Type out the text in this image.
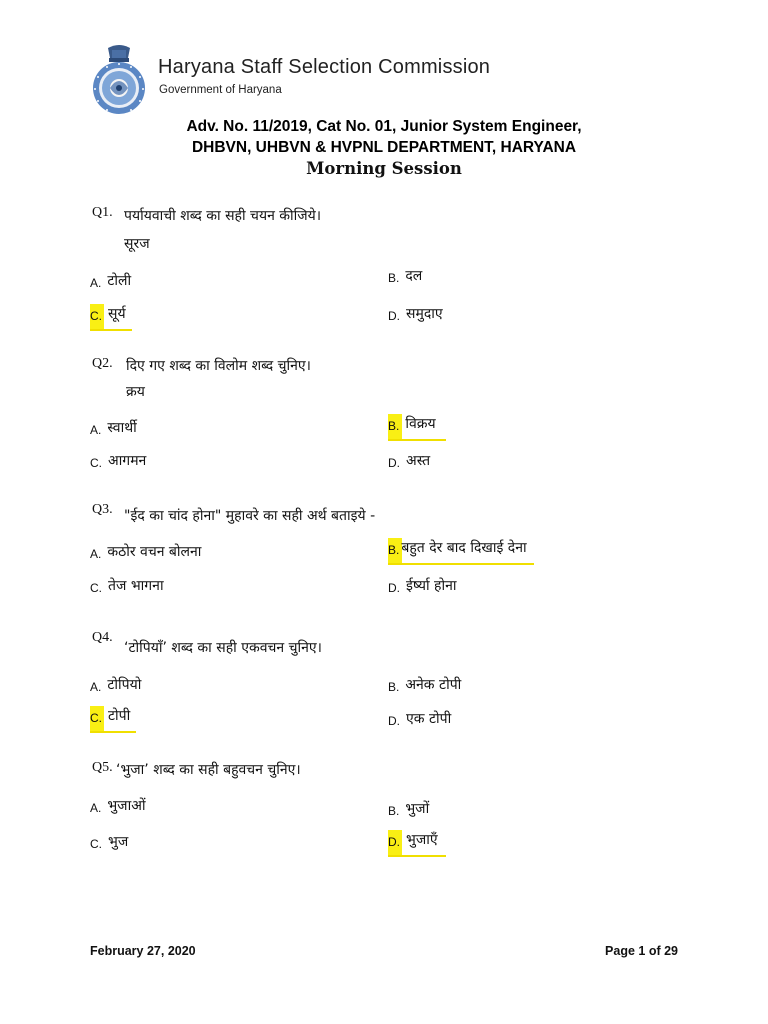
Haryana Staff Selection Commission
Government of Haryana
Adv. No. 11/2019, Cat No. 01, Junior System Engineer,
DHBVN, UHBVN & HVPNL DEPARTMENT, HARYANA
Morning Session
Q1. पर्यायवाची शब्द का सही चयन कीजिये।
सूरज
A. टोली	B. दल
C. सूर्य	D. समुदाए
Q2. दिए गए शब्द का विलोम शब्द चुनिए।
क्रय
A. स्वार्थी	B. विक्रय
C. आगमन	D. अस्त
Q3. "ईद का चांद होना" मुहावरे का सही अर्थ बताइये -
A. कठोर वचन बोलना	B. बहुत देर बाद दिखाई देना
C. तेज भागना	D. ईर्ष्या होना
Q4.
‘टोपियाँ’ शब्द का सही एकवचन चुनिए।
A. टोपियो	B. अनेक टोपी
C. टोपी	D. एक टोपी
Q5. ‘भुजा’ शब्द का सही बहुवचन चुनिए।
A. भुजाओं	B. भुजों
C. भुज	D. भुजाएँ
February 27, 2020	Page 1 of 29
